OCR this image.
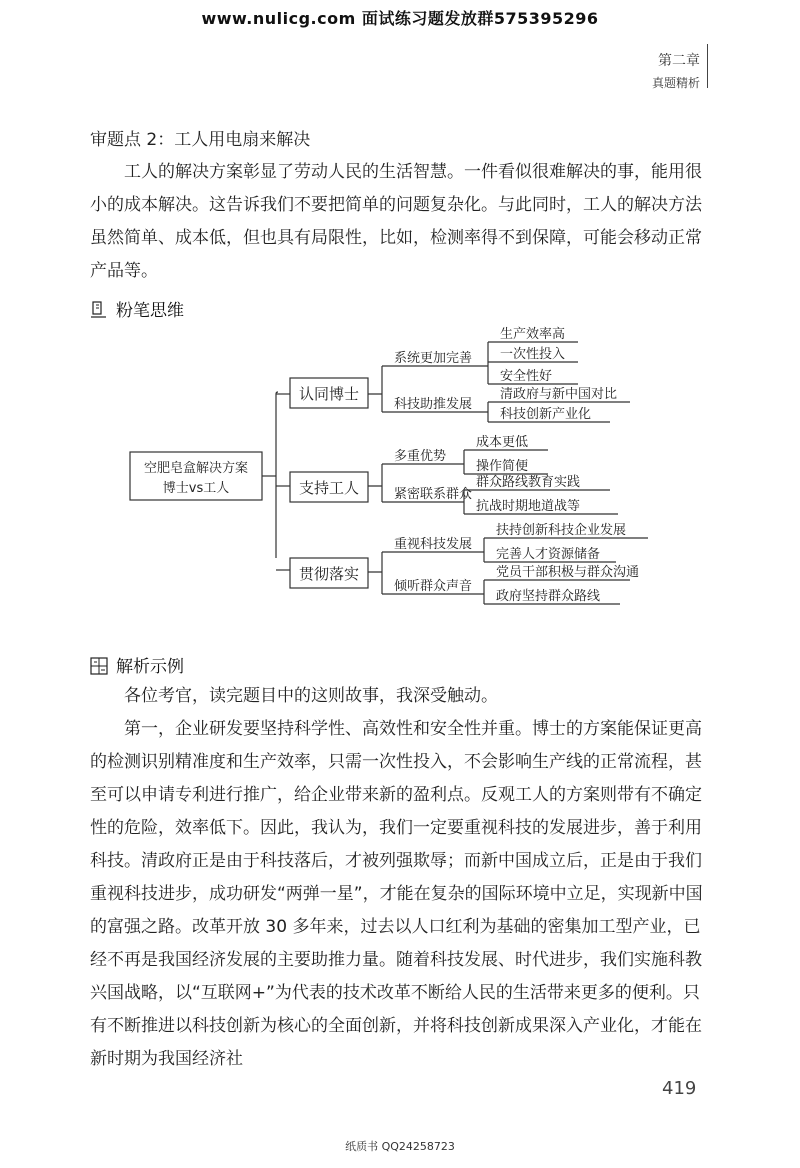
www.nulicg.com 面试练习题发放群575395296
第二章
真题精析
审题点 2：工人用电扇来解决

工人的解决方案彰显了劳动人民的生活智慧。一件看似很难解决的事，能用很小的成本解决。这告诉我们不要把简单的问题复杂化。与此同时，工人的解决方法虽然简单、成本低，但也具有局限性，比如，检测率得不到保障，可能会移动正常产品等。

粉笔思维
空肥皂盒解决方案
博士vs工人
认同博士
支持工人
贯彻落实
系统更加完善
科技助推发展
多重优势
紧密联系群众
重视科技发展
倾听群众声音
生产效率高
一次性投入
安全性好
清政府与新中国对比
科技创新产业化
成本更低
操作简便
群众路线教育实践
抗战时期地道战等
扶持创新科技企业发展
完善人才资源储备
党员干部积极与群众沟通
政府坚持群众路线
解析示例

各位考官，读完题目中的这则故事，我深受触动。

第一，企业研发要坚持科学性、高效性和安全性并重。博士的方案能保证更高的检测识别精准度和生产效率，只需一次性投入，不会影响生产线的正常流程，甚至可以申请专利进行推广，给企业带来新的盈利点。反观工人的方案则带有不确定性的危险，效率低下。因此，我认为，我们一定要重视科技的发展进步，善于利用科技。清政府正是由于科技落后，才被列强欺辱；而新中国成立后，正是由于我们重视科技进步，成功研发“两弹一星”，才能在复杂的国际环境中立足，实现新中国的富强之路。改革开放 30 多年来，过去以人口红利为基础的密集加工型产业，已经不再是我国经济发展的主要助推力量。随着科技发展、时代进步，我们实施科教兴国战略，以“互联网+”为代表的技术改革不断给人民的生活带来更多的便利。只有不断推进以科技创新为核心的全面创新，并将科技创新成果深入产业化，才能在新时期为我国经济社

419
纸质书 QQ24258723
